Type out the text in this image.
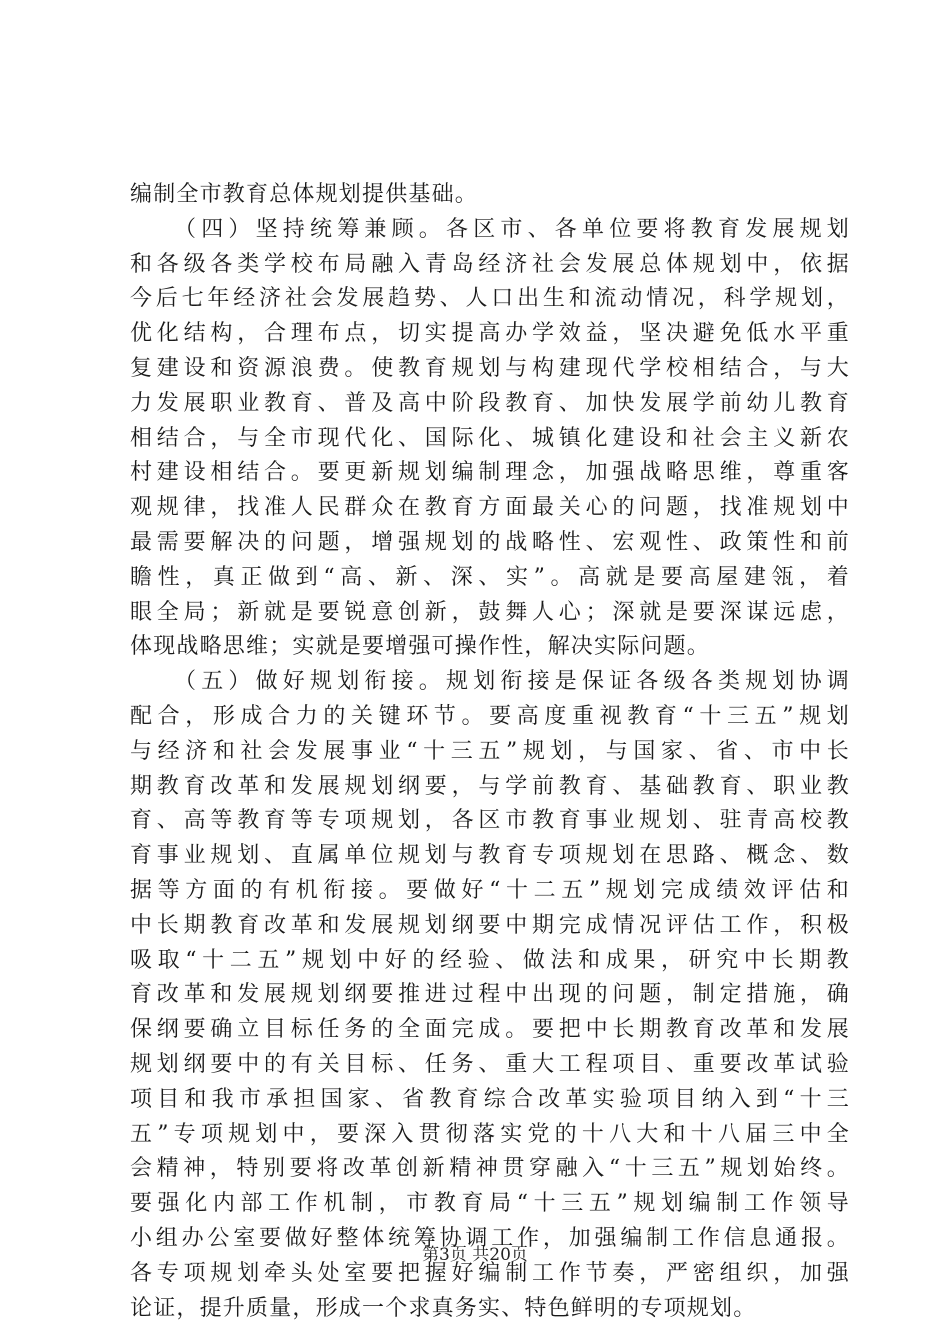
编制全市教育总体规划提供基础。
（四）坚持统筹兼顾。各区市、各单位要将教育发展规划
和各级各类学校布局融入青岛经济社会发展总体规划中，依据
今后七年经济社会发展趋势、人口出生和流动情况，科学规划，
优化结构，合理布点，切实提高办学效益，坚决避免低水平重
复建设和资源浪费。使教育规划与构建现代学校相结合，与大
力发展职业教育、普及高中阶段教育、加快发展学前幼儿教育
相结合，与全市现代化、国际化、城镇化建设和社会主义新农
村建设相结合。要更新规划编制理念，加强战略思维，尊重客
观规律，找准人民群众在教育方面最关心的问题，找准规划中
最需要解决的问题，增强规划的战略性、宏观性、政策性和前
瞻性，真正做到“高、新、深、实”。高就是要高屋建瓴，着
眼全局；新就是要锐意创新，鼓舞人心；深就是要深谋远虑，
体现战略思维；实就是要增强可操作性，解决实际问题。
（五）做好规划衔接。规划衔接是保证各级各类规划协调
配合，形成合力的关键环节。要高度重视教育“十三五”规划
与经济和社会发展事业“十三五”规划，与国家、省、市中长
期教育改革和发展规划纲要，与学前教育、基础教育、职业教
育、高等教育等专项规划，各区市教育事业规划、驻青高校教
育事业规划、直属单位规划与教育专项规划在思路、概念、数
据等方面的有机衔接。要做好“十二五”规划完成绩效评估和
中长期教育改革和发展规划纲要中期完成情况评估工作，积极
吸取“十二五”规划中好的经验、做法和成果，研究中长期教
育改革和发展规划纲要推进过程中出现的问题，制定措施，确
保纲要确立目标任务的全面完成。要把中长期教育改革和发展
规划纲要中的有关目标、任务、重大工程项目、重要改革试验
项目和我市承担国家、省教育综合改革实验项目纳入到“十三
五”专项规划中，要深入贯彻落实党的十八大和十八届三中全
会精神，特别要将改革创新精神贯穿融入“十三五”规划始终。
要强化内部工作机制，市教育局“十三五”规划编制工作领导
小组办公室要做好整体统筹协调工作，加强编制工作信息通报。
各专项规划牵头处室要把握好编制工作节奏，严密组织，加强
论证，提升质量，形成一个求真务实、特色鲜明的专项规划。
第3页 共20页
